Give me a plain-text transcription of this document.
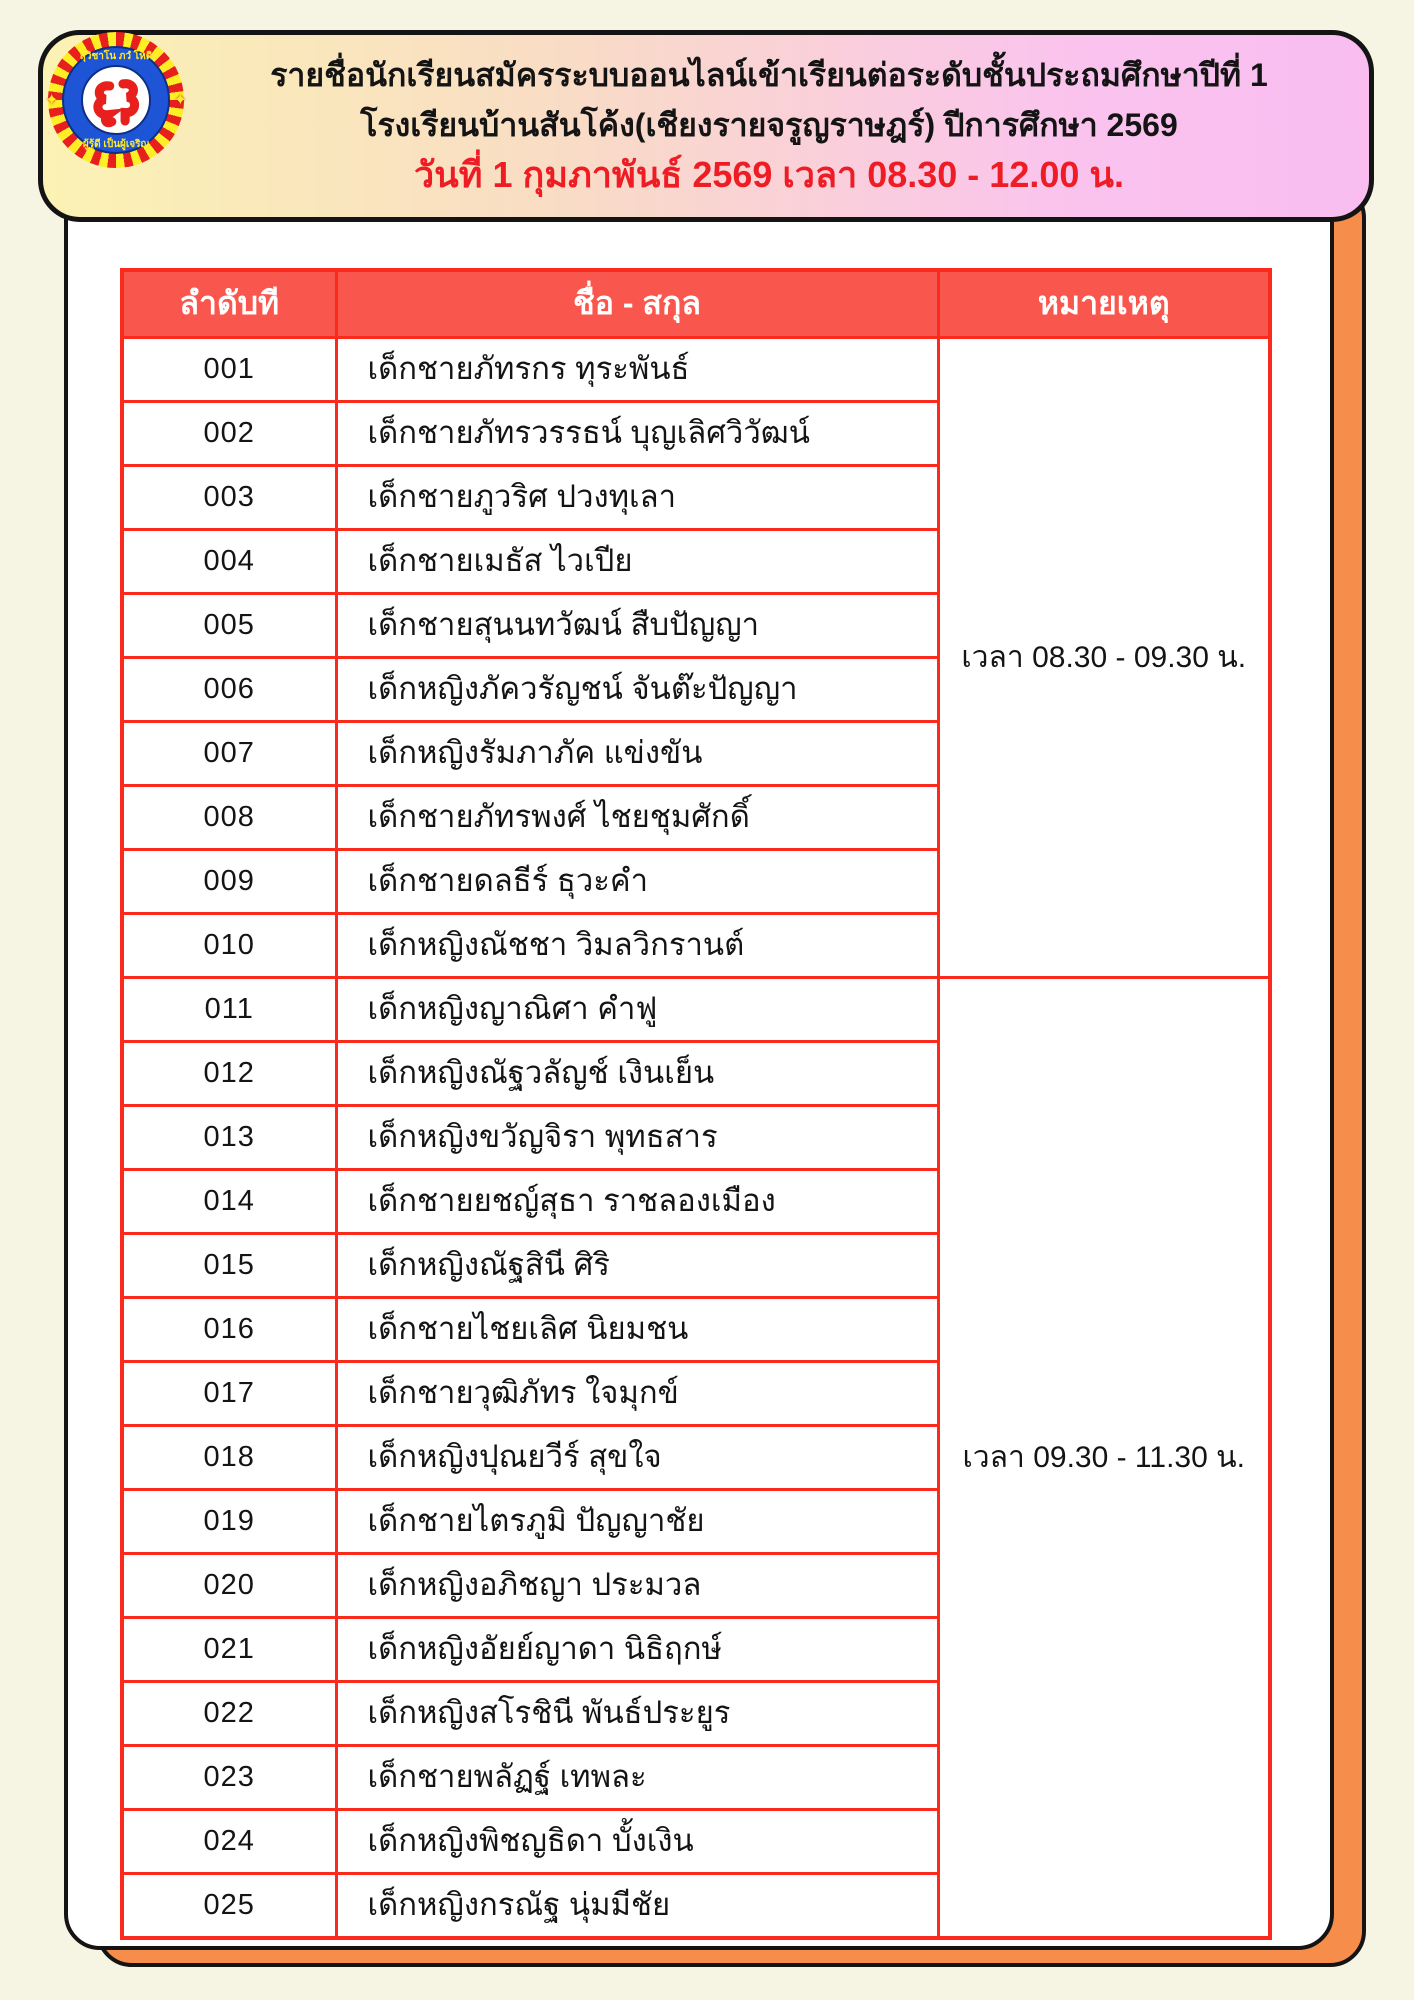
รายชื่อนักเรียนสมัครระบบออนไลน์เข้าเรียนต่อระดับชั้นประถมศึกษาปีที่ 1
โรงเรียนบ้านสันโค้ง(เชียงรายจรูญราษฎร์) ปีการศึกษา 2569
วันที่ 1 กุมภาพันธ์ 2569 เวลา 08.30 - 12.00 น.
✦	✦
สุวิชาโน ภวํ โหติ
ผู้รู้ดี เป็นผู้เจริญ
ลำดับที	ชื่อ - สกุล	หมายเหตุ
001	เด็กชายภัทรกร ทุระพันธ์	เวลา 08.30 - 09.30 น.
002	เด็กชายภัทรวรรธน์ บุญเลิศวิวัฒน์	
003	เด็กชายภูวริศ ปวงทุเลา	
004	เด็กชายเมธัส ไวเปีย	
005	เด็กชายสุนนทวัฒน์ สืบปัญญา	
006	เด็กหญิงภัควรัญชน์ จันต๊ะปัญญา	
007	เด็กหญิงรัมภาภัค แข่งขัน	
008	เด็กชายภัทรพงศ์ ไชยชุมศักดิ์	
009	เด็กชายดลธีร์ ธุวะคำ	
010	เด็กหญิงณัชชา วิมลวิกรานต์	
011	เด็กหญิงญาณิศา คำฟู	เวลา 09.30 - 11.30 น.
012	เด็กหญิงณัฐวลัญช์ เงินเย็น	
013	เด็กหญิงขวัญจิรา พุทธสาร	
014	เด็กชายยชญ์สุธา ราชลองเมือง	
015	เด็กหญิงณัฐสินี ศิริ	
016	เด็กชายไชยเลิศ นิยมชน	
017	เด็กชายวุฒิภัทร ใจมุกข์	
018	เด็กหญิงปุณยวีร์ สุขใจ	
019	เด็กชายไตรภูมิ ปัญญาชัย	
020	เด็กหญิงอภิชญา ประมวล	
021	เด็กหญิงอัยย์ญาดา นิธิฤกษ์	
022	เด็กหญิงสโรชินี พันธ์ประยูร	
023	เด็กชายพลัฏฐ์ เทพละ	
024	เด็กหญิงพิชญธิดา บั้งเงิน	
025	เด็กหญิงกรณัฐ นุ่มมีชัย	
